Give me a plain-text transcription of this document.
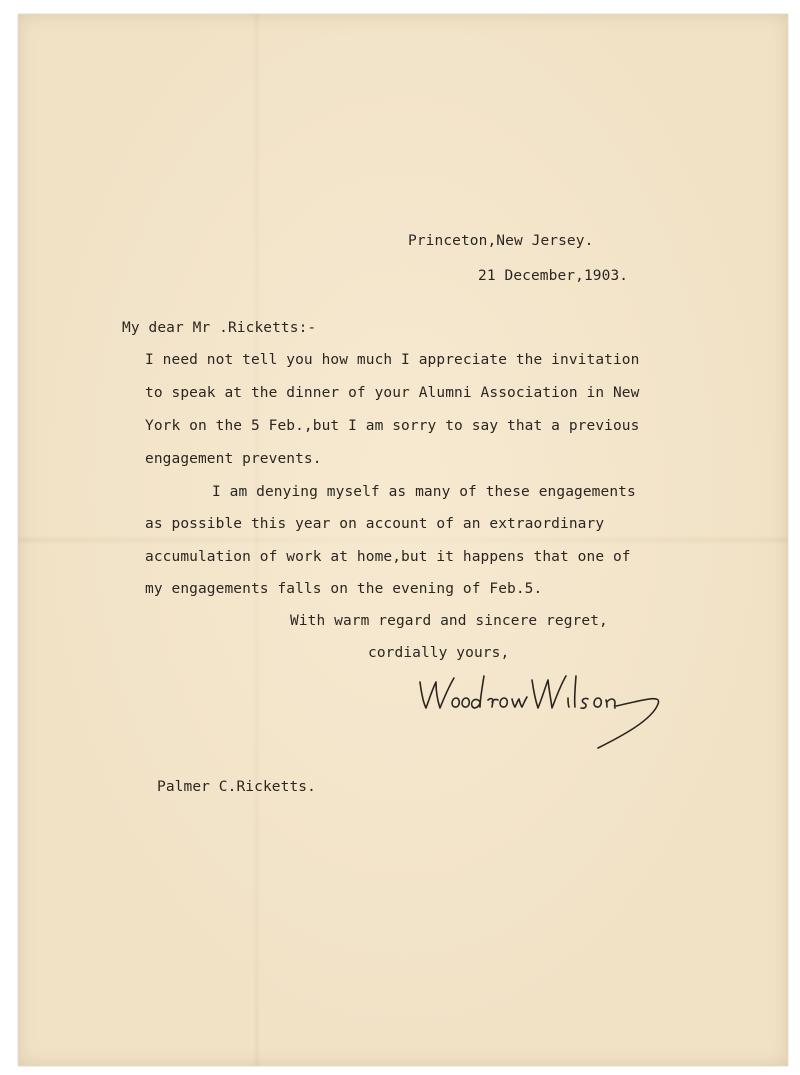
Princeton,New Jersey.
21 December,1903.
My dear Mr .Ricketts:-
I need not tell you how much I appreciate the invitation
to speak at the dinner of your Alumni Association in New
York on the 5 Feb.,but I am sorry to say that a previous
engagement prevents.
I am denying myself as many of these engagements
as possible this year on account of an extraordinary
accumulation of work at home,but it happens that one of
my engagements falls on the evening of Feb.5.
With warm regard and sincere regret,
cordially yours,
Palmer C.Ricketts.
